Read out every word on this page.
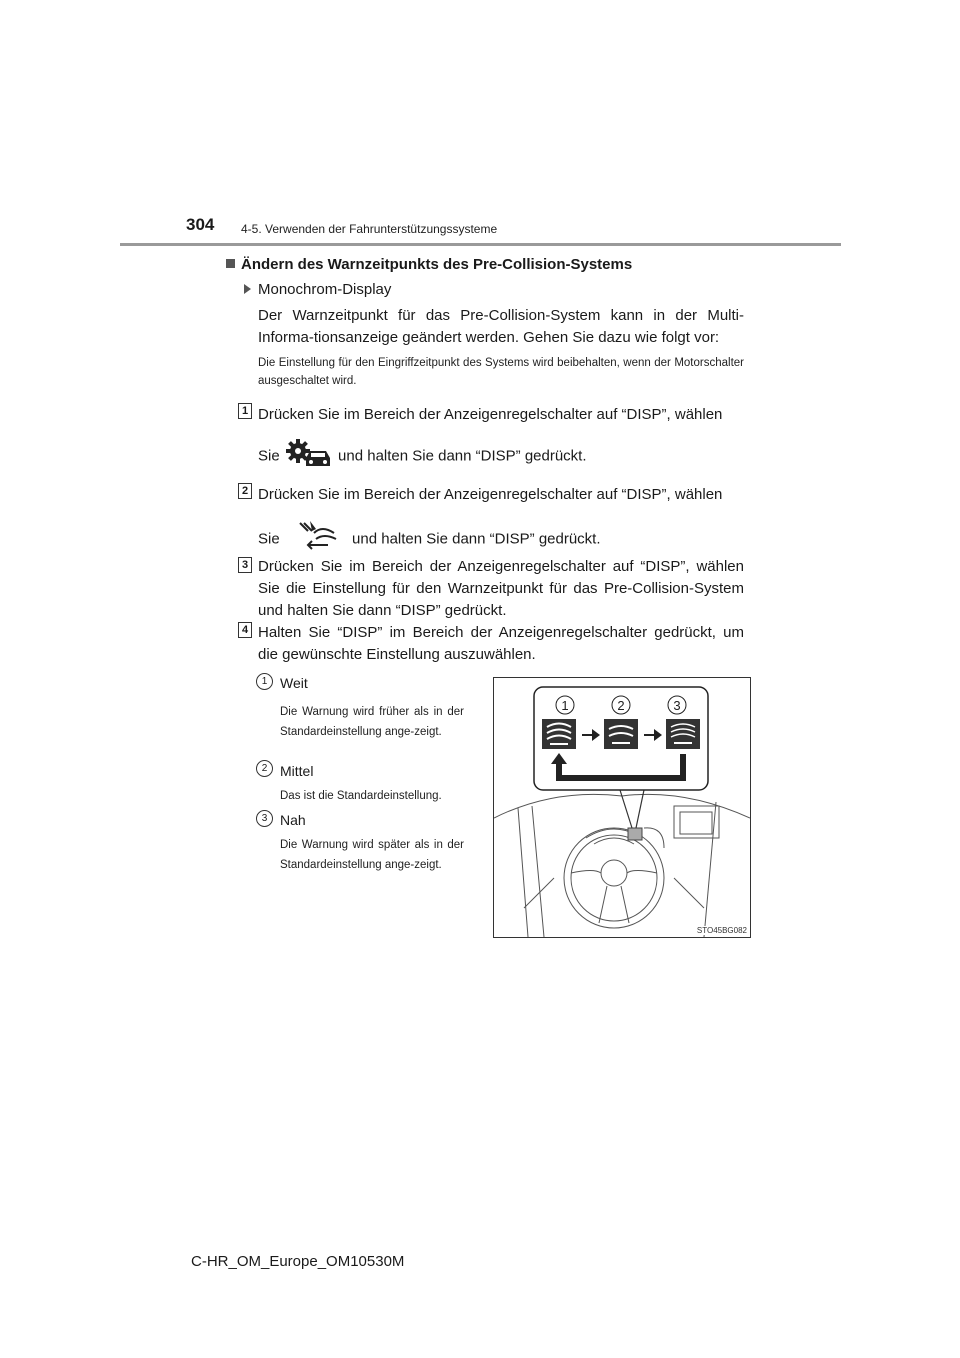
304 4-5. Verwenden der Fahrunterstützungssysteme
Ändern des Warnzeitpunkts des Pre-Collision-Systems
Monochrom-Display
Der Warnzeitpunkt für das Pre-Collision-System kann in der Multi-Informa-tionsanzeige geändert werden. Gehen Sie dazu wie folgt vor:
Die Einstellung für den Eingriffzeitpunkt des Systems wird beibehalten, wenn der Motorschalter ausgeschaltet wird.
1 Drücken Sie im Bereich der Anzeigenregelschalter auf “DISP”, wählen
Sie	und halten Sie dann “DISP” gedrückt.
2 Drücken Sie im Bereich der Anzeigenregelschalter auf “DISP”, wählen
Sie	und halten Sie dann “DISP” gedrückt.
3 Drücken Sie im Bereich der Anzeigenregelschalter auf “DISP”, wählen Sie die Einstellung für den Warnzeitpunkt für das Pre-Collision-System und halten Sie dann “DISP” gedrückt.
4 Halten Sie “DISP” im Bereich der Anzeigenregelschalter gedrückt, um die gewünschte Einstellung auszuwählen.
1 Weit
Die Warnung wird früher als in der Standardeinstellung ange-zeigt.
2 Mittel
Das ist die Standardeinstellung.
3 Nah
Die Warnung wird später als in der Standardeinstellung ange-zeigt.
1	2	3
STO45BG082
C-HR_OM_Europe_OM10530M
